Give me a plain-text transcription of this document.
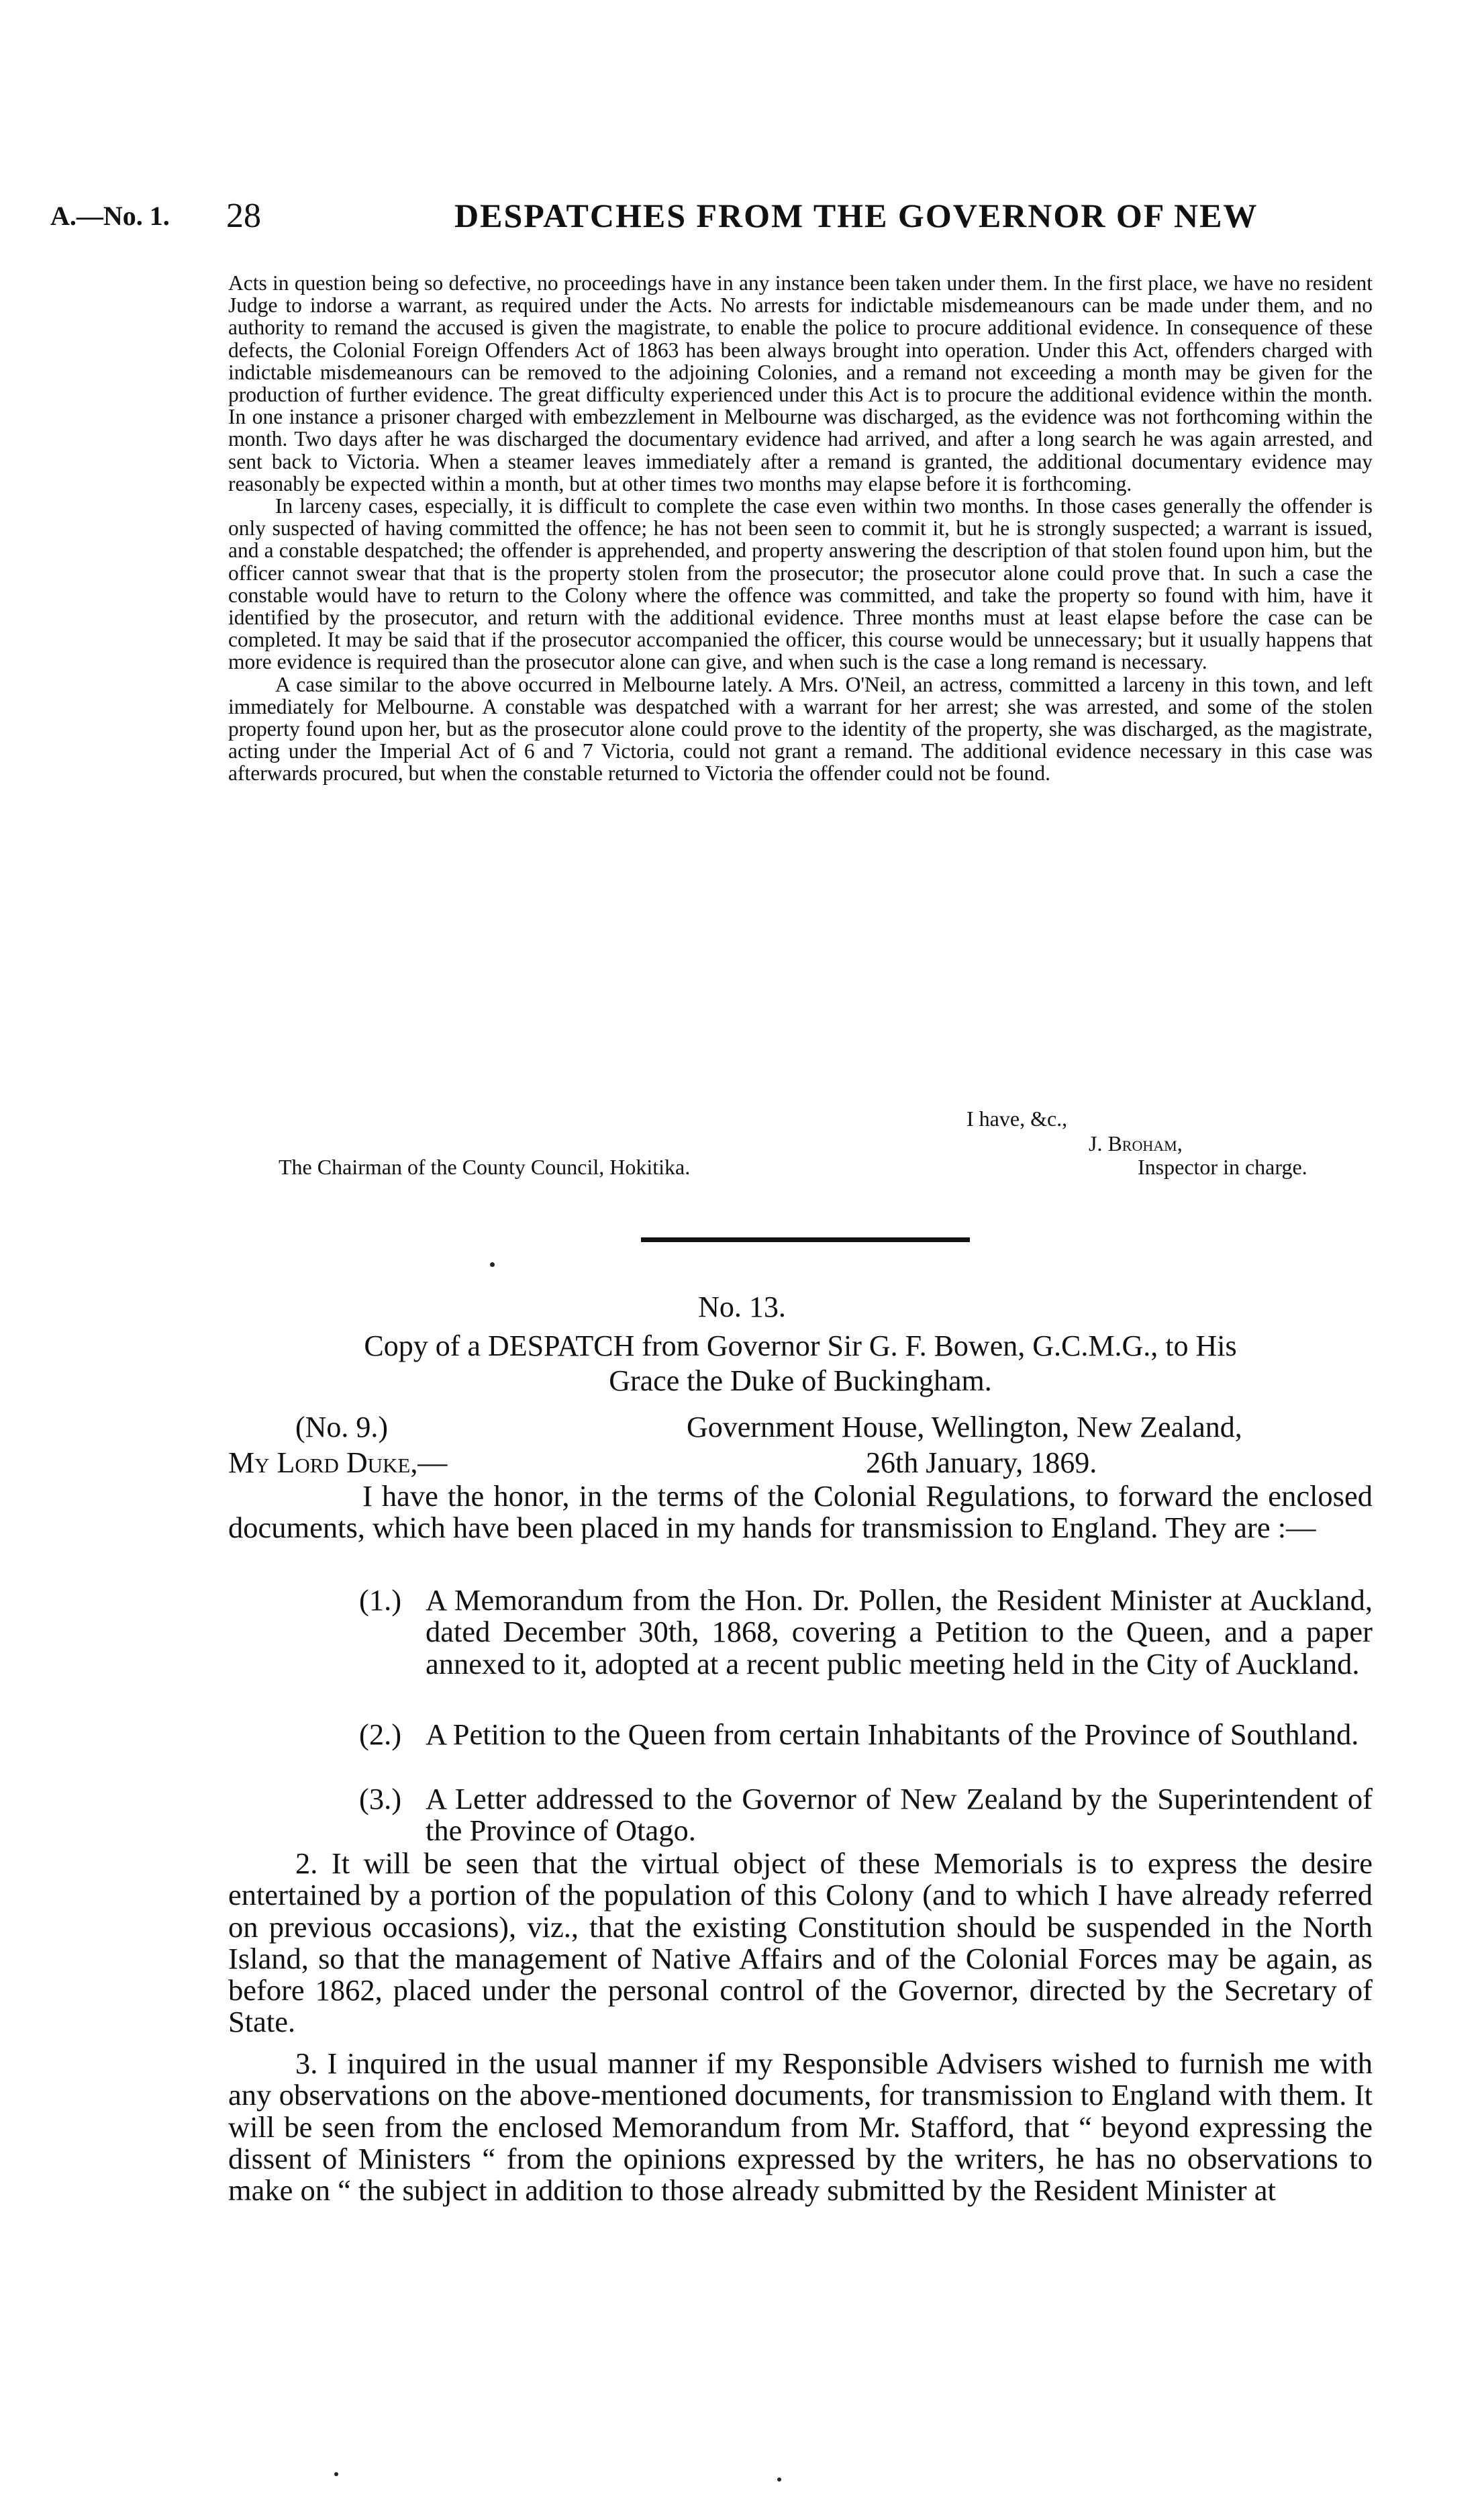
A.—No. 1. 28	DESPATCHES FROM THE GOVERNOR OF NEW

Acts in question being so defective, no proceedings have in any instance been taken under them. In the first place, we have no resident Judge to indorse a warrant, as required under the Acts. No arrests for indictable misdemeanours can be made under them, and no authority to remand the accused is given the magistrate, to enable the police to procure additional evidence. In consequence of these defects, the Colonial Foreign Offenders Act of 1863 has been always brought into operation. Under this Act, offenders charged with indictable misdemeanours can be removed to the adjoining Colonies, and a remand not exceeding a month may be given for the production of further evidence. The great difficulty experienced under this Act is to procure the additional evidence within the month. In one instance a prisoner charged with embezzlement in Melbourne was discharged, as the evidence was not forthcoming within the month. Two days after he was discharged the documentary evidence had arrived, and after a long search he was again arrested, and sent back to Victoria. When a steamer leaves immediately after a remand is granted, the additional documentary evidence may reasonably be expected within a month, but at other times two months may elapse before it is forthcoming.

In larceny cases, especially, it is difficult to complete the case even within two months. In those cases generally the offender is only suspected of having committed the offence; he has not been seen to commit it, but he is strongly suspected; a warrant is issued, and a constable despatched; the offender is apprehended, and property answering the description of that stolen found upon him, but the officer cannot swear that that is the property stolen from the prosecutor; the prosecutor alone could prove that. In such a case the constable would have to return to the Colony where the offence was committed, and take the property so found with him, have it identified by the prosecutor, and return with the additional evidence. Three months must at least elapse before the case can be completed. It may be said that if the prosecutor accompanied the officer, this course would be unnecessary; but it usually happens that more evidence is required than the prosecutor alone can give, and when such is the case a long remand is necessary.

A case similar to the above occurred in Melbourne lately. A Mrs. O'Neil, an actress, committed a larceny in this town, and left immediately for Melbourne. A constable was despatched with a warrant for her arrest; she was arrested, and some of the stolen property found upon her, but as the prosecutor alone could prove to the identity of the property, she was discharged, as the magistrate, acting under the Imperial Act of 6 and 7 Victoria, could not grant a remand. The additional evidence necessary in this case was afterwards procured, but when the constable returned to Victoria the offender could not be found.

I have, &c.,
J. Broham,
The Chairman of the County Council, Hokitika.	Inspector in charge.
No. 13.
Copy of a DESPATCH from Governor Sir G. F. Bowen, G.C.M.G., to His
Grace the Duke of Buckingham.
(No. 9.)	Government House, Wellington, New Zealand,
My Lord Duke,—	26th January, 1869.

I have the honor, in the terms of the Colonial Regulations, to forward the enclosed documents, which have been placed in my hands for transmission to England. They are :—

(1.) A Memorandum from the Hon. Dr. Pollen, the Resident Minister at Auckland, dated December 30th, 1868, covering a Petition to the Queen, and a paper annexed to it, adopted at a recent public meeting held in the City of Auckland.
(2.) A Petition to the Queen from certain Inhabitants of the Province of Southland.
(3.) A Letter addressed to the Governor of New Zealand by the Superintendent of the Province of Otago.

2. It will be seen that the virtual object of these Memorials is to express the desire entertained by a portion of the population of this Colony (and to which I have already referred on previous occasions), viz., that the existing Constitution should be suspended in the North Island, so that the management of Native Affairs and of the Colonial Forces may be again, as before 1862, placed under the personal control of the Governor, directed by the Secretary of State.

3. I inquired in the usual manner if my Responsible Advisers wished to furnish me with any observations on the above-mentioned documents, for transmission to England with them. It will be seen from the enclosed Memorandum from Mr. Stafford, that “ beyond expressing the dissent of Ministers “ from the opinions expressed by the writers, he has no observations to make on “ the subject in addition to those already submitted by the Resident Minister at
